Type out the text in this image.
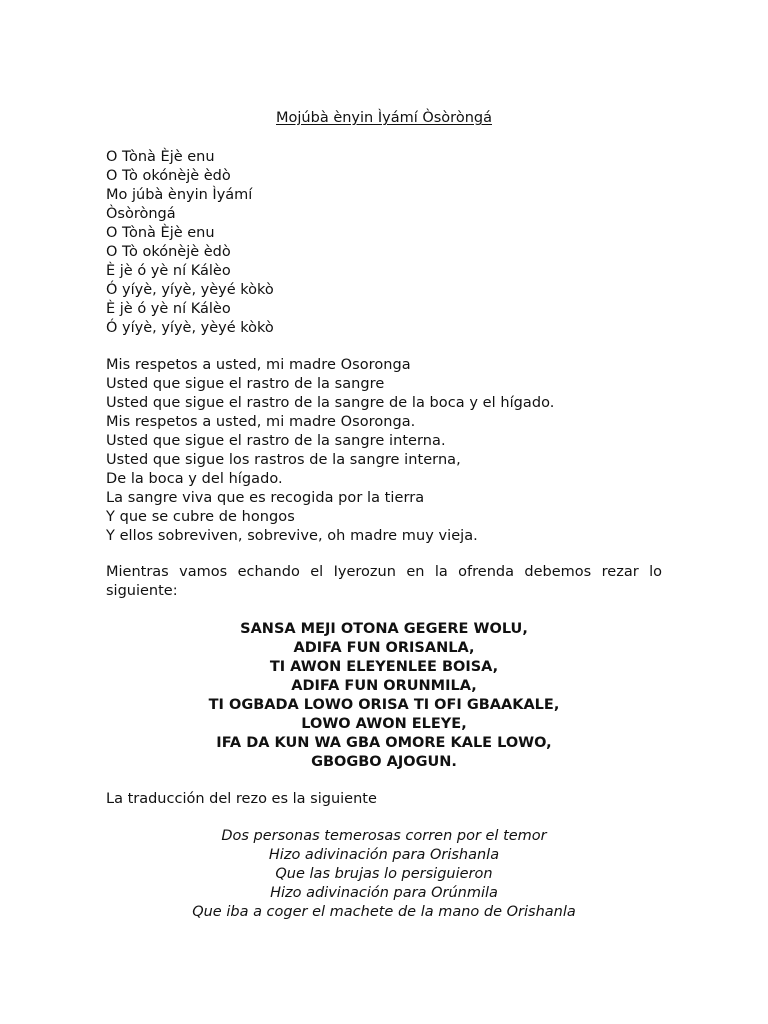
Mojúbà ènyin Ìyámí Òsòròngá
O Tònà Èjè enu
O Tò okónèjè èdò
Mo júbà ènyin Ìyámí
Òsòròngá
O Tònà Èjè enu
O Tò okónèjè èdò
È jè ó yè ní Kálèo
Ó yíyè, yíyè, yèyé kòkò
È jè ó yè ní Kálèo
Ó yíyè, yíyè, yèyé kòkò
Mis respetos a usted, mi madre Osoronga
Usted que sigue el rastro de la sangre
Usted que sigue el rastro de la sangre de la boca y el hígado.
Mis respetos a usted, mi madre Osoronga.
Usted que sigue el rastro de la sangre interna.
Usted que sigue los rastros de la sangre interna,
De la boca y del hígado.
La sangre viva que es recogida por la tierra
Y que se cubre de hongos
Y ellos sobreviven, sobrevive, oh madre muy vieja.
Mientras vamos echando el Iyerozun en la ofrenda debemos rezar lo siguiente:
SANSA MEJI OTONA GEGERE WOLU,
ADIFA FUN ORISANLA,
TI AWON ELEYENLEE BOISA,
ADIFA FUN ORUNMILA,
TI OGBADA LOWO ORISA TI OFI GBAAKALE,
LOWO AWON ELEYE,
IFA DA KUN WA GBA OMORE KALE LOWO,
GBOGBO AJOGUN.
La traducción del rezo es la siguiente
Dos personas temerosas corren por el temor
Hizo adivinación para Orishanla
Que las brujas lo persiguieron
Hizo adivinación para Orúnmila
Que iba a coger el machete de la mano de Orishanla
